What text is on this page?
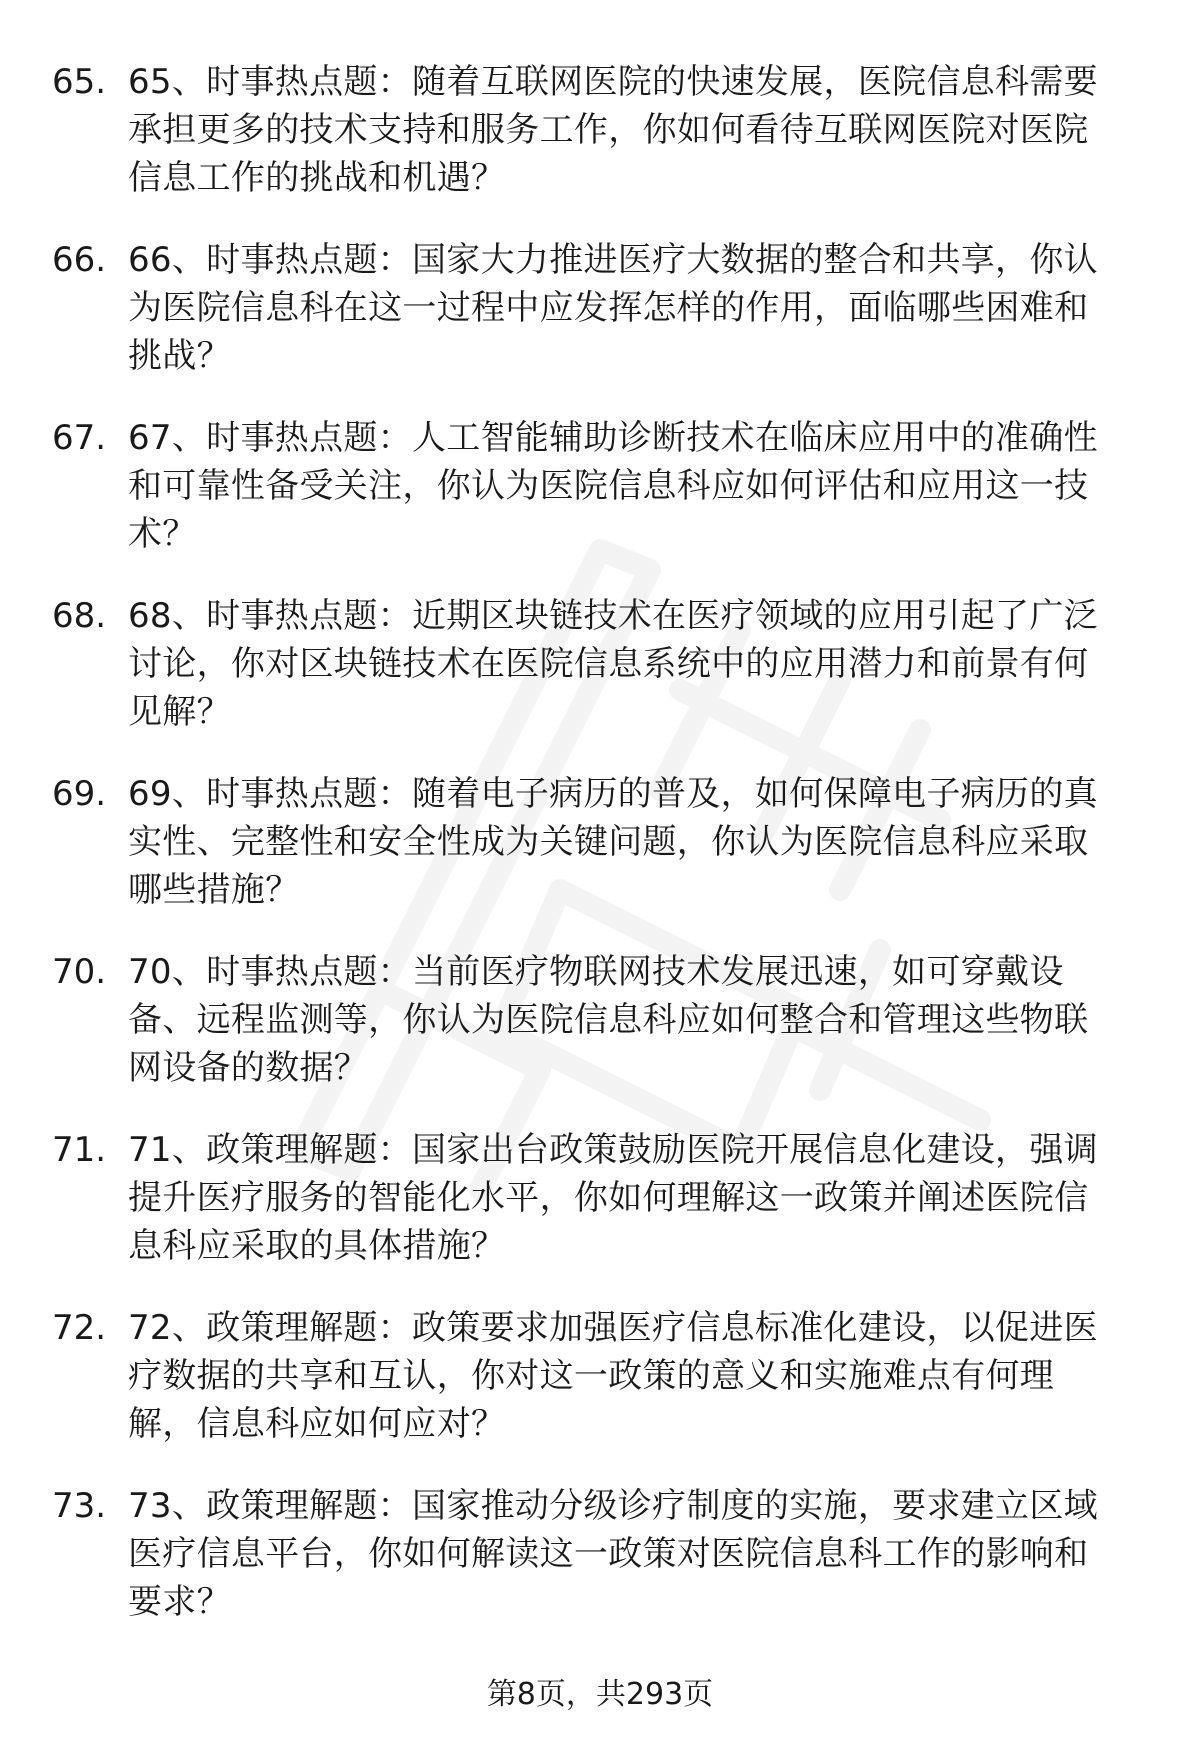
65. 65、时事热点题：随着互联网医院的快速发展，医院信息科需要
承担更多的技术支持和服务工作，你如何看待互联网医院对医院
信息工作的挑战和机遇？
66. 66、时事热点题：国家大力推进医疗大数据的整合和共享，你认
为医院信息科在这一过程中应发挥怎样的作用，面临哪些困难和
挑战？
67. 67、时事热点题：人工智能辅助诊断技术在临床应用中的准确性
和可靠性备受关注，你认为医院信息科应如何评估和应用这一技
术？
68. 68、时事热点题：近期区块链技术在医疗领域的应用引起了广泛
讨论，你对区块链技术在医院信息系统中的应用潜力和前景有何
见解？
69. 69、时事热点题：随着电子病历的普及，如何保障电子病历的真
实性、完整性和安全性成为关键问题，你认为医院信息科应采取
哪些措施？
70. 70、时事热点题：当前医疗物联网技术发展迅速，如可穿戴设
备、远程监测等，你认为医院信息科应如何整合和管理这些物联
网设备的数据？
71. 71、政策理解题：国家出台政策鼓励医院开展信息化建设，强调
提升医疗服务的智能化水平，你如何理解这一政策并阐述医院信
息科应采取的具体措施？
72. 72、政策理解题：政策要求加强医疗信息标准化建设，以促进医
疗数据的共享和互认，你对这一政策的意义和实施难点有何理
解，信息科应如何应对？
73. 73、政策理解题：国家推动分级诊疗制度的实施，要求建立区域
医疗信息平台，你如何解读这一政策对医院信息科工作的影响和
要求？
第8页，共293页
